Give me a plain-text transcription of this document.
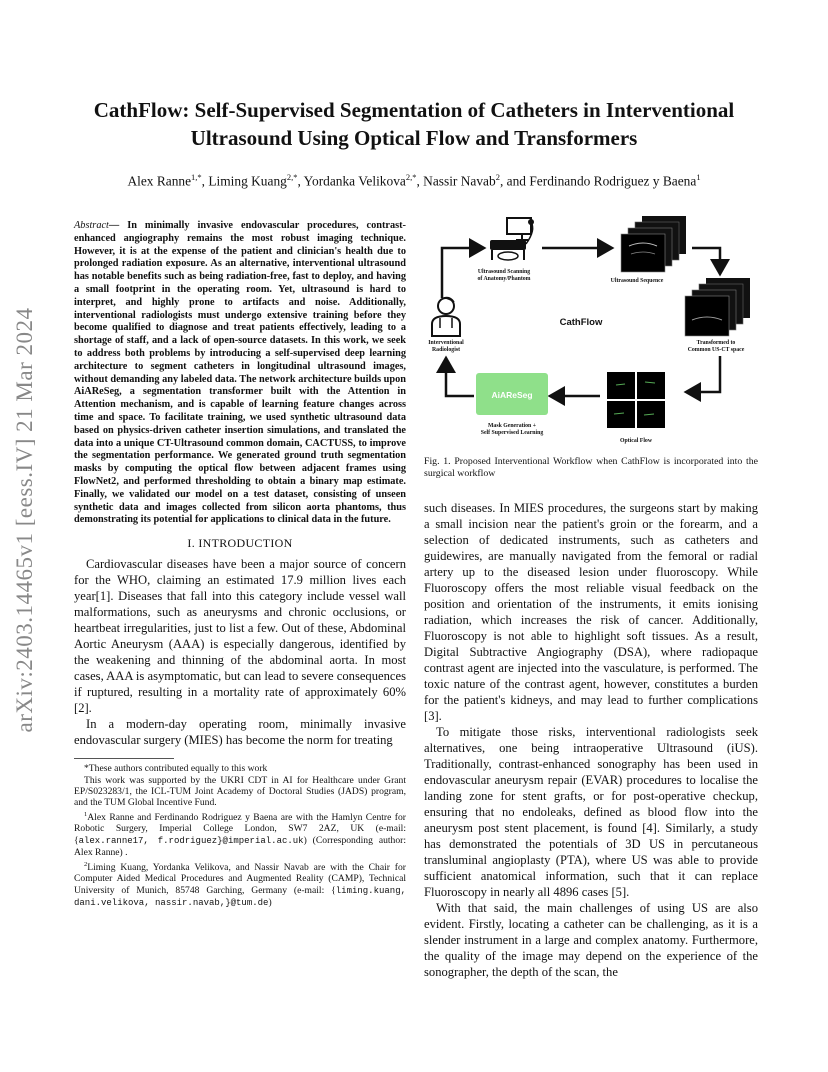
arXiv:2403.14465v1 [eess.IV] 21 Mar 2024
CathFlow: Self-Supervised Segmentation of Catheters in Interventional
Ultrasound Using Optical Flow and Transformers
Alex Ranne$^{1,*}$, Liming Kuang$^{2,*}$, Yordanka Velikova$^{2,*}$, Nassir Navab$^2$, and Ferdinando Rodriguez y Baena$^1$
Abstract— In minimally invasive endovascular procedures, contrast-enhanced angiography remains the most robust imaging technique. However, it is at the expense of the patient and clinician's health due to prolonged radiation exposure. As an alternative, interventional ultrasound has notable benefits such as being radiation-free, fast to deploy, and having a small footprint in the operating room. Yet, ultrasound is hard to interpret, and highly prone to artifacts and noise. Additionally, interventional radiologists must undergo extensive training before they become qualified to diagnose and treat patients effectively, leading to a shortage of staff, and a lack of open-source datasets. In this work, we seek to address both problems by introducing a self-supervised deep learning architecture to segment catheters in longitudinal ultrasound images, without demanding any labeled data. The network architecture builds upon AiAReSeg, a segmentation transformer built with the Attention in Attention mechanism, and is capable of learning feature changes across time and space. To facilitate training, we used synthetic ultrasound data based on physics-driven catheter insertion simulations, and translated the data into a unique CT-Ultrasound common domain, CACTUSS, to improve the segmentation performance. We generated ground truth segmentation masks by computing the optical flow between adjacent frames using FlowNet2, and performed thresholding to obtain a binary map estimate. Finally, we validated our model on a test dataset, consisting of unseen synthetic data and images collected from silicon aorta phantoms, thus demonstrating its potential for applications to clinical data in the future.
I. INTRODUCTION

Cardiovascular diseases have been a major source of concern for the WHO, claiming an estimated 17.9 million lives each year[1]. Diseases that fall into this category include vessel wall malformations, such as aneurysms and chronic occlusions, or heartbeat irregularities, just to list a few. Out of these, Abdominal Aortic Aneurysm (AAA) is especially dangerous, identified by the weakening and thinning of the abdominal aorta. In most cases, AAA is asymptomatic, but can lead to severe consequences if ruptured, resulting in a mortality rate of approximately 60% [2].

In a modern-day operating room, minimally invasive endovascular surgery (MIES) has become the norm for treating

*These authors contributed equally to this work

This work was supported by the UKRI CDT in AI for Healthcare under Grant EP/S023283/1, the ICL-TUM Joint Academy of Doctoral Studies (JADS) program, and the TUM Global Incentive Fund.

$^1$Alex Ranne and Ferdinando Rodriguez y Baena are with the Hamlyn Centre for Robotic Surgery, Imperial College London, SW7 2AZ, UK (e-mail: {alex.ranne17, f.rodriguez}@imperial.ac.uk) (Corresponding author: Alex Ranne) .

$^2$Liming Kuang, Yordanka Velikova, and Nassir Navab are with the Chair for Computer Aided Medical Procedures and Augmented Reality (CAMP), Technical University of Munich, 85748 Garching, Germany (e-mail: {liming.kuang, dani.velikova, nassir.navab,}@tum.de)

Ultrasound Scanning
of Anatomy/Phantom	Ultrasound Sequence
Interventional
Radiologist
CathFlow
Transformed to
Common US-CT space
Optical Flow
AiAReSeg
Mask Generation +
Self Supervised Learning
Fig. 1. Proposed Interventional Workflow when CathFlow is incorporated into the surgical workflow

such diseases. In MIES procedures, the surgeons start by making a small incision near the patient's groin or the forearm, and a selection of dedicated instruments, such as catheters and guidewires, are manually navigated from the femoral or radial artery up to the diseased lesion under fluoroscopy. While Fluoroscopy offers the most reliable visual feedback on the position and orientation of the instruments, it emits ionising radiation, which increases the risk of cancer. Additionally, Fluoroscopy is not able to highlight soft tissues. As a result, Digital Subtractive Angiography (DSA), where radiopaque contrast agent are injected into the vasculature, is performed. The toxic nature of the contrast agent, however, constitutes a burden for the patient's kidneys, and may lead to further complications [3].

To mitigate those risks, interventional radiologists seek alternatives, one being intraoperative Ultrasound (iUS). Traditionally, contrast-enhanced sonography has been used in endovascular aneurysm repair (EVAR) procedures to localise the landing zone for stent grafts, or for post-operative checkup, ensuring that no endoleaks, defined as blood flow into the aneurysm post stent placement, is found [4]. Similarly, a study has demonstrated the potentials of 3D US in percutaneous transluminal angioplasty (PTA), where US was able to provide sufficient anatomical information, such that it can replace Fluoroscopy in nearly all 4896 cases [5].

With that said, the main challenges of using US are also evident. Firstly, locating a catheter can be challenging, as it is a slender instrument in a large and complex anatomy. Furthermore, the quality of the image may depend on the experience of the sonographer, the depth of the scan, the
